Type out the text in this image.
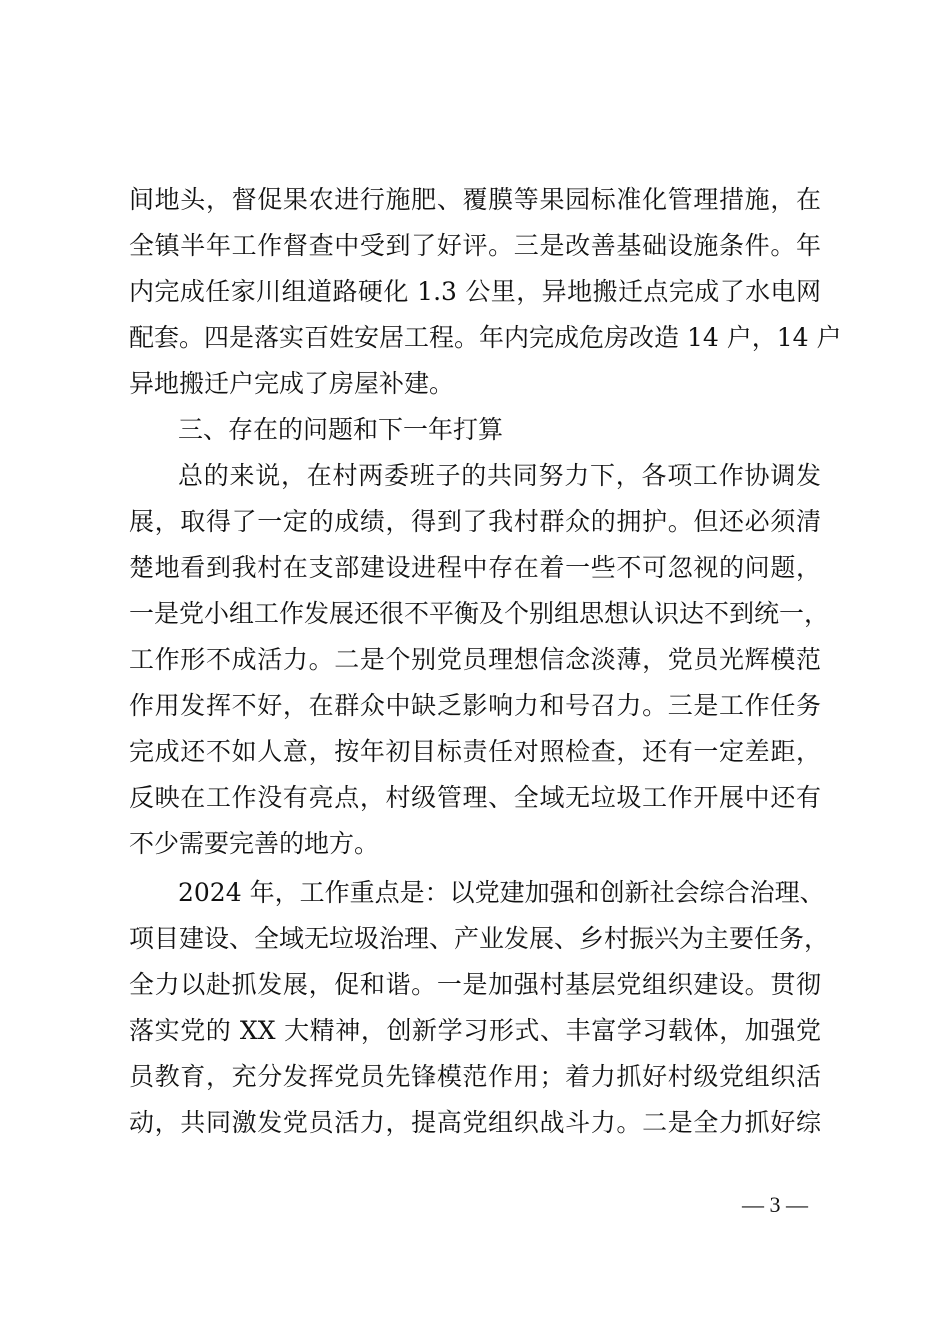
间地头，督促果农进行施肥、覆膜等果园标准化管理措施，在
全镇半年工作督查中受到了好评。三是改善基础设施条件。年
内完成任家川组道路硬化 1.3 公里，异地搬迁点完成了水电网
配套。四是落实百姓安居工程。年内完成危房改造 14 户，14 户
异地搬迁户完成了房屋补建。
三、存在的问题和下一年打算
总的来说，在村两委班子的共同努力下，各项工作协调发
展，取得了一定的成绩，得到了我村群众的拥护。但还必须清
楚地看到我村在支部建设进程中存在着一些不可忽视的问题，
一是党小组工作发展还很不平衡及个别组思想认识达不到统一，
工作形不成活力。二是个别党员理想信念淡薄，党员光辉模范
作用发挥不好，在群众中缺乏影响力和号召力。三是工作任务
完成还不如人意，按年初目标责任对照检查，还有一定差距，
反映在工作没有亮点，村级管理、全域无垃圾工作开展中还有
不少需要完善的地方。
2024 年，工作重点是：以党建加强和创新社会综合治理、
项目建设、全域无垃圾治理、产业发展、乡村振兴为主要任务，
全力以赴抓发展，促和谐。一是加强村基层党组织建设。贯彻
落实党的 XX 大精神，创新学习形式、丰富学习载体，加强党
员教育，充分发挥党员先锋模范作用；着力抓好村级党组织活
动，共同激发党员活力，提高党组织战斗力。二是全力抓好综
— 3 —
